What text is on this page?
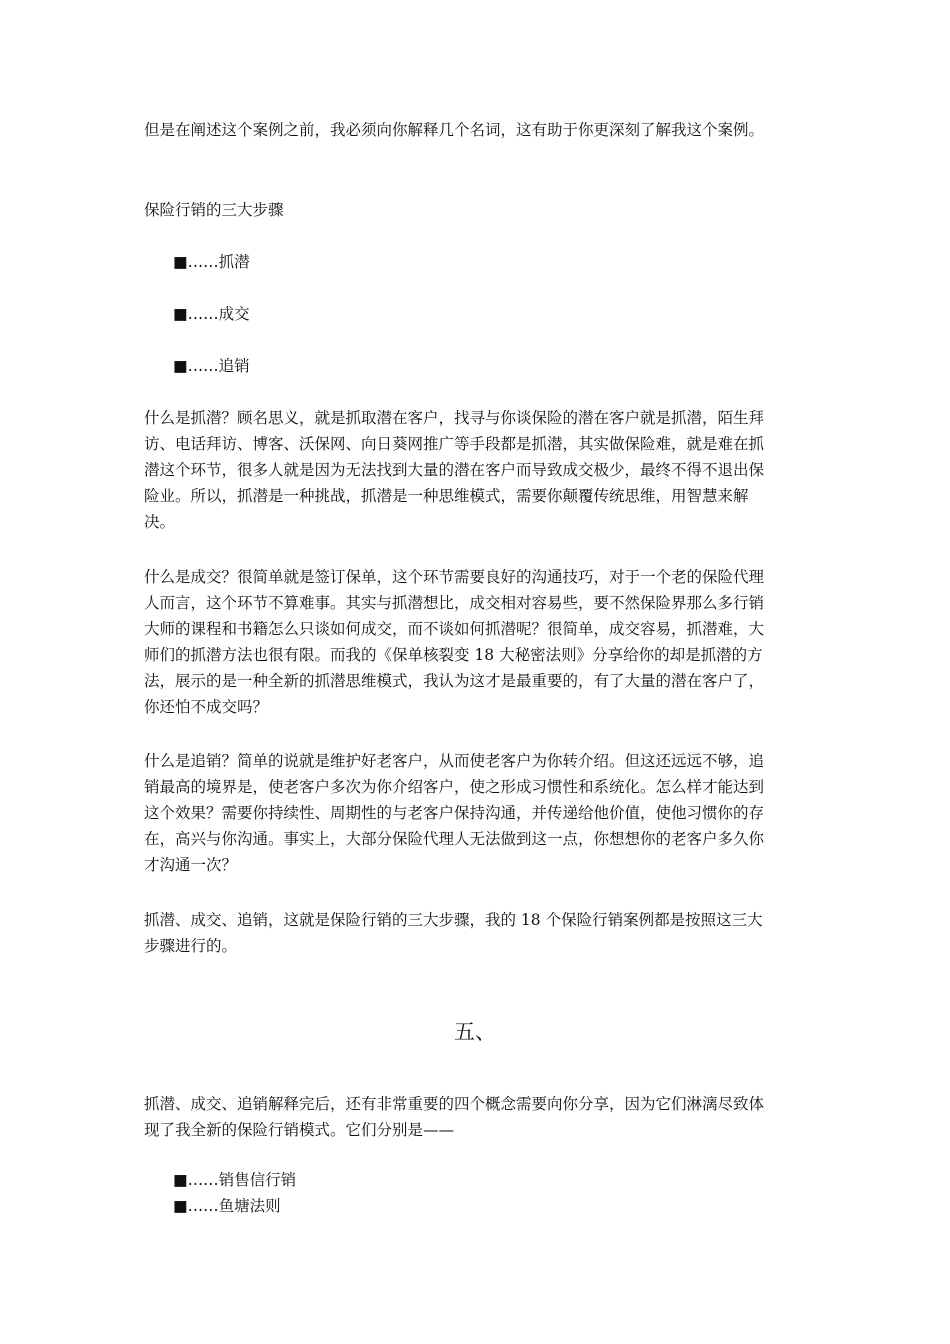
但是在阐述这个案例之前，我必须向你解释几个名词，这有助于你更深刻了解我这个案例。

保险行销的三大步骤

■……抓潜

■……成交

■……追销

什么是抓潜？顾名思义，就是抓取潜在客户，找寻与你谈保险的潜在客户就是抓潜，陌生拜访、电话拜访、博客、沃保网、向日葵网推广等手段都是抓潜，其实做保险难，就是难在抓潜这个环节，很多人就是因为无法找到大量的潜在客户而导致成交极少，最终不得不退出保险业。所以，抓潜是一种挑战，抓潜是一种思维模式，需要你颠覆传统思维，用智慧来解决。

什么是成交？很简单就是签订保单，这个环节需要良好的沟通技巧，对于一个老的保险代理人而言，这个环节不算难事。其实与抓潜想比，成交相对容易些，要不然保险界那么多行销大师的课程和书籍怎么只谈如何成交，而不谈如何抓潜呢？很简单，成交容易，抓潜难，大师们的抓潜方法也很有限。而我的《保单核裂变 18 大秘密法则》分享给你的却是抓潜的方法，展示的是一种全新的抓潜思维模式，我认为这才是最重要的，有了大量的潜在客户了，你还怕不成交吗？

什么是追销？简单的说就是维护好老客户，从而使老客户为你转介绍。但这还远远不够，追销最高的境界是，使老客户多次为你介绍客户，使之形成习惯性和系统化。怎么样才能达到这个效果？需要你持续性、周期性的与老客户保持沟通，并传递给他价值，使他习惯你的存在，高兴与你沟通。事实上，大部分保险代理人无法做到这一点，你想想你的老客户多久你才沟通一次？

抓潜、成交、追销，这就是保险行销的三大步骤，我的 18 个保险行销案例都是按照这三大步骤进行的。

五、

抓潜、成交、追销解释完后，还有非常重要的四个概念需要向你分享，因为它们淋漓尽致体现了我全新的保险行销模式。它们分别是——

■……销售信行销

■……鱼塘法则
